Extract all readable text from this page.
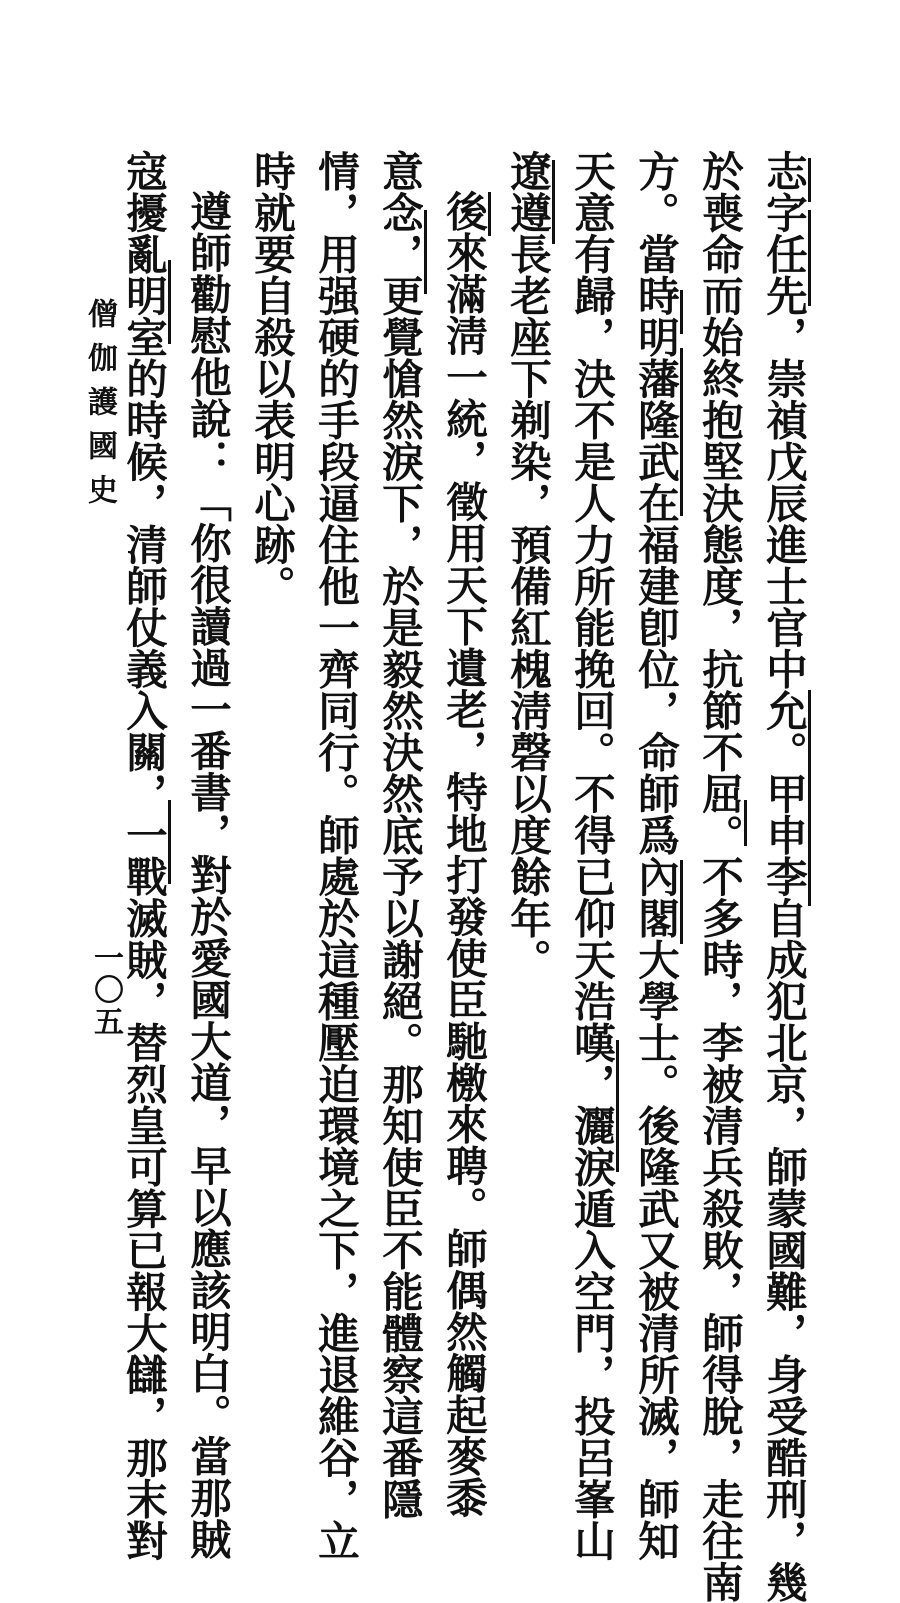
志字任先，崇禎戊辰進士官中允。甲申李自成犯北京，師蒙國難，身受酷刑，幾
於喪命而始終抱堅決態度，抗節不屈。不多時，李被清兵殺敗，師得脫，走往南
方。當時明藩隆武在福建卽位，命師爲內閣大學士。後隆武又被清所滅，師知
天意有歸，決不是人力所能挽回。不得已仰天浩嘆，灑淚遁入空門，投呂峯山
遼遵長老座下剃染，預備紅槐淸磬以度餘年。
後來滿淸一統，徵用天下遺老，特地打發使臣馳檄來聘。師偶然觸起麥黍
意念，更覺愴然淚下，於是毅然決然底予以謝絕。那知使臣不能體察這番隱
情，用强硬的手段逼住他一齊同行。師處於這種壓迫環境之下，進退維谷，立
時就要自殺以表明心跡。
遵師勸慰他說：「你很讀過一番書，對於愛國大道，早以應該明白。當那賊
寇擾亂明室的時候，清師仗義入關，一戰滅賊，替烈皇可算已報大讎，那末對
僧伽護國史
一〇五
